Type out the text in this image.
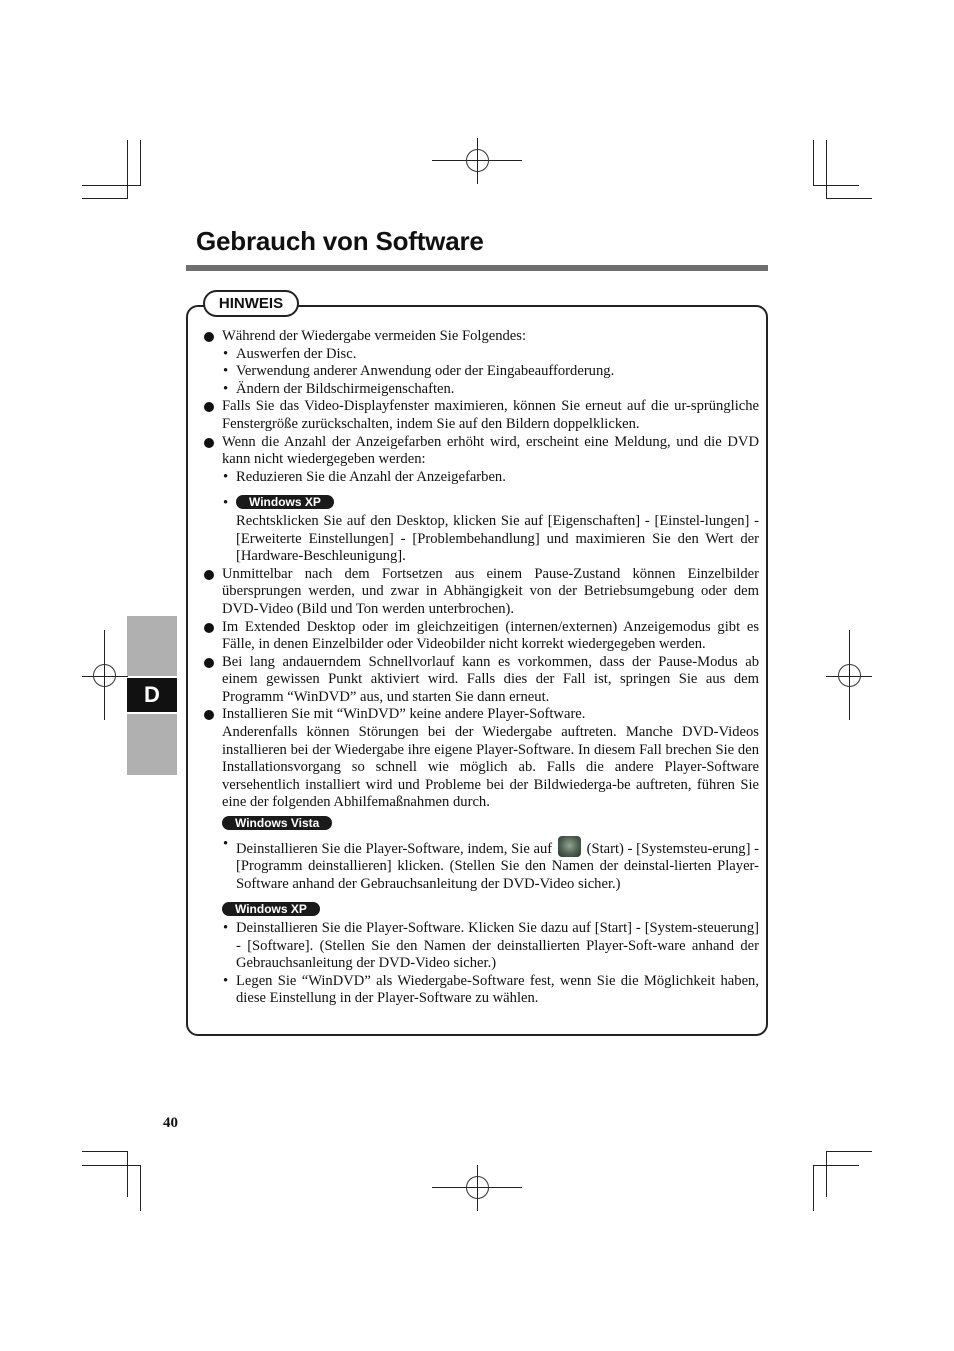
Gebrauch von Software
D
HINWEIS
Während der Wiedergabe vermeiden Sie Folgendes:
• Auswerfen der Disc.
• Verwendung anderer Anwendung oder der Eingabeaufforderung.
• Ändern der Bildschirmeigenschaften.
Falls Sie das Video-Displayfenster maximieren, können Sie erneut auf die ur-sprüngliche Fenstergröße zurückschalten, indem Sie auf den Bildern doppelklicken.
Wenn die Anzahl der Anzeigefarben erhöht wird, erscheint eine Meldung, und die DVD kann nicht wiedergegeben werden:
• Reduzieren Sie die Anzahl der Anzeigefarben.
•	Windows XP
Rechtsklicken Sie auf den Desktop, klicken Sie auf [Eigenschaften] - [Einstel-lungen] - [Erweiterte Einstellungen] - [Problembehandlung] und maximieren Sie den Wert der [Hardware-Beschleunigung].
Unmittelbar nach dem Fortsetzen aus einem Pause-Zustand können Einzelbilder übersprungen werden, und zwar in Abhängigkeit von der Betriebsumgebung oder dem DVD-Video (Bild und Ton werden unterbrochen).
Im Extended Desktop oder im gleichzeitigen (internen/externen) Anzeigemodus gibt es Fälle, in denen Einzelbilder oder Videobilder nicht korrekt wiedergegeben werden.
Bei lang andauerndem Schnellvorlauf kann es vorkommen, dass der Pause-Modus ab einem gewissen Punkt aktiviert wird. Falls dies der Fall ist, springen Sie aus dem Programm “WinDVD” aus, und starten Sie dann erneut.
Installieren Sie mit “WinDVD” keine andere Player-Software.
Anderenfalls können Störungen bei der Wiedergabe auftreten. Manche DVD-Videos installieren bei der Wiedergabe ihre eigene Player-Software. In diesem Fall brechen Sie den Installationsvorgang so schnell wie möglich ab. Falls die andere Player-Software versehentlich installiert wird und Probleme bei der Bildwiederga-be auftreten, führen Sie eine der folgenden Abhilfemaßnahmen durch.
Windows Vista
• Deinstallieren Sie die Player-Software, indem, Sie auf (Start) - [Systemsteu-erung] - [Programm deinstallieren] klicken. (Stellen Sie den Namen der deinstal-lierten Player-Software anhand der Gebrauchsanleitung der DVD-Video sicher.)
Windows XP
• Deinstallieren Sie die Player-Software. Klicken Sie dazu auf [Start] - [System-steuerung] - [Software]. (Stellen Sie den Namen der deinstallierten Player-Soft-ware anhand der Gebrauchsanleitung der DVD-Video sicher.)
• Legen Sie “WinDVD” als Wiedergabe-Software fest, wenn Sie die Möglichkeit haben, diese Einstellung in der Player-Software zu wählen.
40
